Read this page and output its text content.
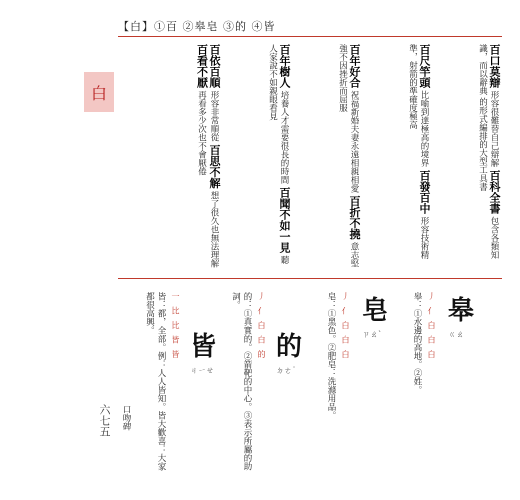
【白】①百 ②皋皂 ③的 ④皆
白
百口莫辯 形容很難替自己辯解 百科全書 包含各類知識，而以辭典 的形式編排的大型工具書
百尺竿頭 比喻到達極高的境界 百發百中 形容技術精準，射箭的準確度極高
百年好合 祝福新婚夫妻永遠相親相愛 百折不撓 意志堅強不因挫折而屈服
百年樹人 培養人才需要很長的時間 百聞不如一見 聽人家說不如親眼看見
百依百順 形容非常順從 百思不解 想了很久也無法理解 百看不厭 再看多少次也不會厭倦
皋
ㄍㄠ
丿 亻 白 白 白
皋：①水邊的高地。②姓。
皂
ㄗㄠˋ
丿 亻 白 白 白
皂：①黑色。②肥皂：洗滌用品。
的
ㄉㄜ˙
丿 亻 白 白 的
的：①真實的。②箭靶的中心。③表示所屬的助詞。
皆
ㄐㄧㄝ
一 比 比 皆 皆
皆：都，全部。例：人人皆知。皆大歡喜：大家都很高興。
口吻碑
六七五
